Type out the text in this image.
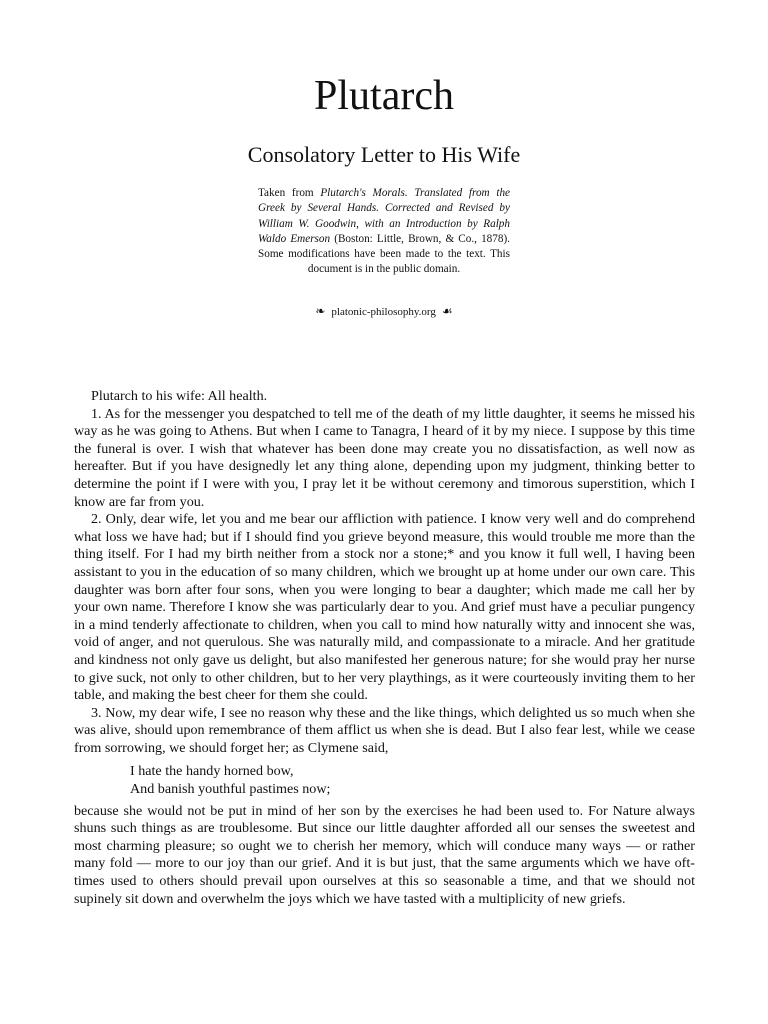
Plutarch
Consolatory Letter to His Wife
Taken from Plutarch's Morals. Translated from the Greek by Several Hands. Corrected and Revised by William W. Goodwin, with an Introduction by Ralph Waldo Emerson (Boston: Little, Brown, & Co., 1878). Some modifications have been made to the text. This document is in the public domain.
❧ platonic-philosophy.org ☙

Plutarch to his wife: All health.

1. As for the messenger you despatched to tell me of the death of my little daughter, it seems he missed his way as he was going to Athens. But when I came to Tanagra, I heard of it by my niece. I suppose by this time the funeral is over. I wish that whatever has been done may create you no dissatisfaction, as well now as hereafter. But if you have designedly let any thing alone, depending upon my judgment, thinking better to determine the point if I were with you, I pray let it be without ceremony and timorous superstition, which I know are far from you.

2. Only, dear wife, let you and me bear our affliction with patience. I know very well and do comprehend what loss we have had; but if I should find you grieve beyond measure, this would trouble me more than the thing itself. For I had my birth neither from a stock nor a stone;* and you know it full well, I having been assistant to you in the education of so many children, which we brought up at home under our own care. This daughter was born after four sons, when you were longing to bear a daughter; which made me call her by your own name. Therefore I know she was particularly dear to you. And grief must have a peculiar pungency in a mind tenderly affectionate to children, when you call to mind how naturally witty and innocent she was, void of anger, and not querulous. She was naturally mild, and compassionate to a miracle. And her gratitude and kindness not only gave us delight, but also manifested her generous nature; for she would pray her nurse to give suck, not only to other children, but to her very playthings, as it were courteously inviting them to her table, and making the best cheer for them she could.

3. Now, my dear wife, I see no reason why these and the like things, which delighted us so much when she was alive, should upon remembrance of them afflict us when she is dead. But I also fear lest, while we cease from sorrowing, we should forget her; as Clymene said,

I hate the handy horned bow,
And banish youthful pastimes now;

because she would not be put in mind of her son by the exercises he had been used to. For Nature always shuns such things as are troublesome. But since our little daughter afforded all our senses the sweetest and most charming pleasure; so ought we to cherish her memory, which will conduce many ways — or rather many fold — more to our joy than our grief. And it is but just, that the same arguments which we have oft-times used to others should prevail upon ourselves at this so seasonable a time, and that we should not supinely sit down and overwhelm the joys which we have tasted with a multiplicity of new griefs.
